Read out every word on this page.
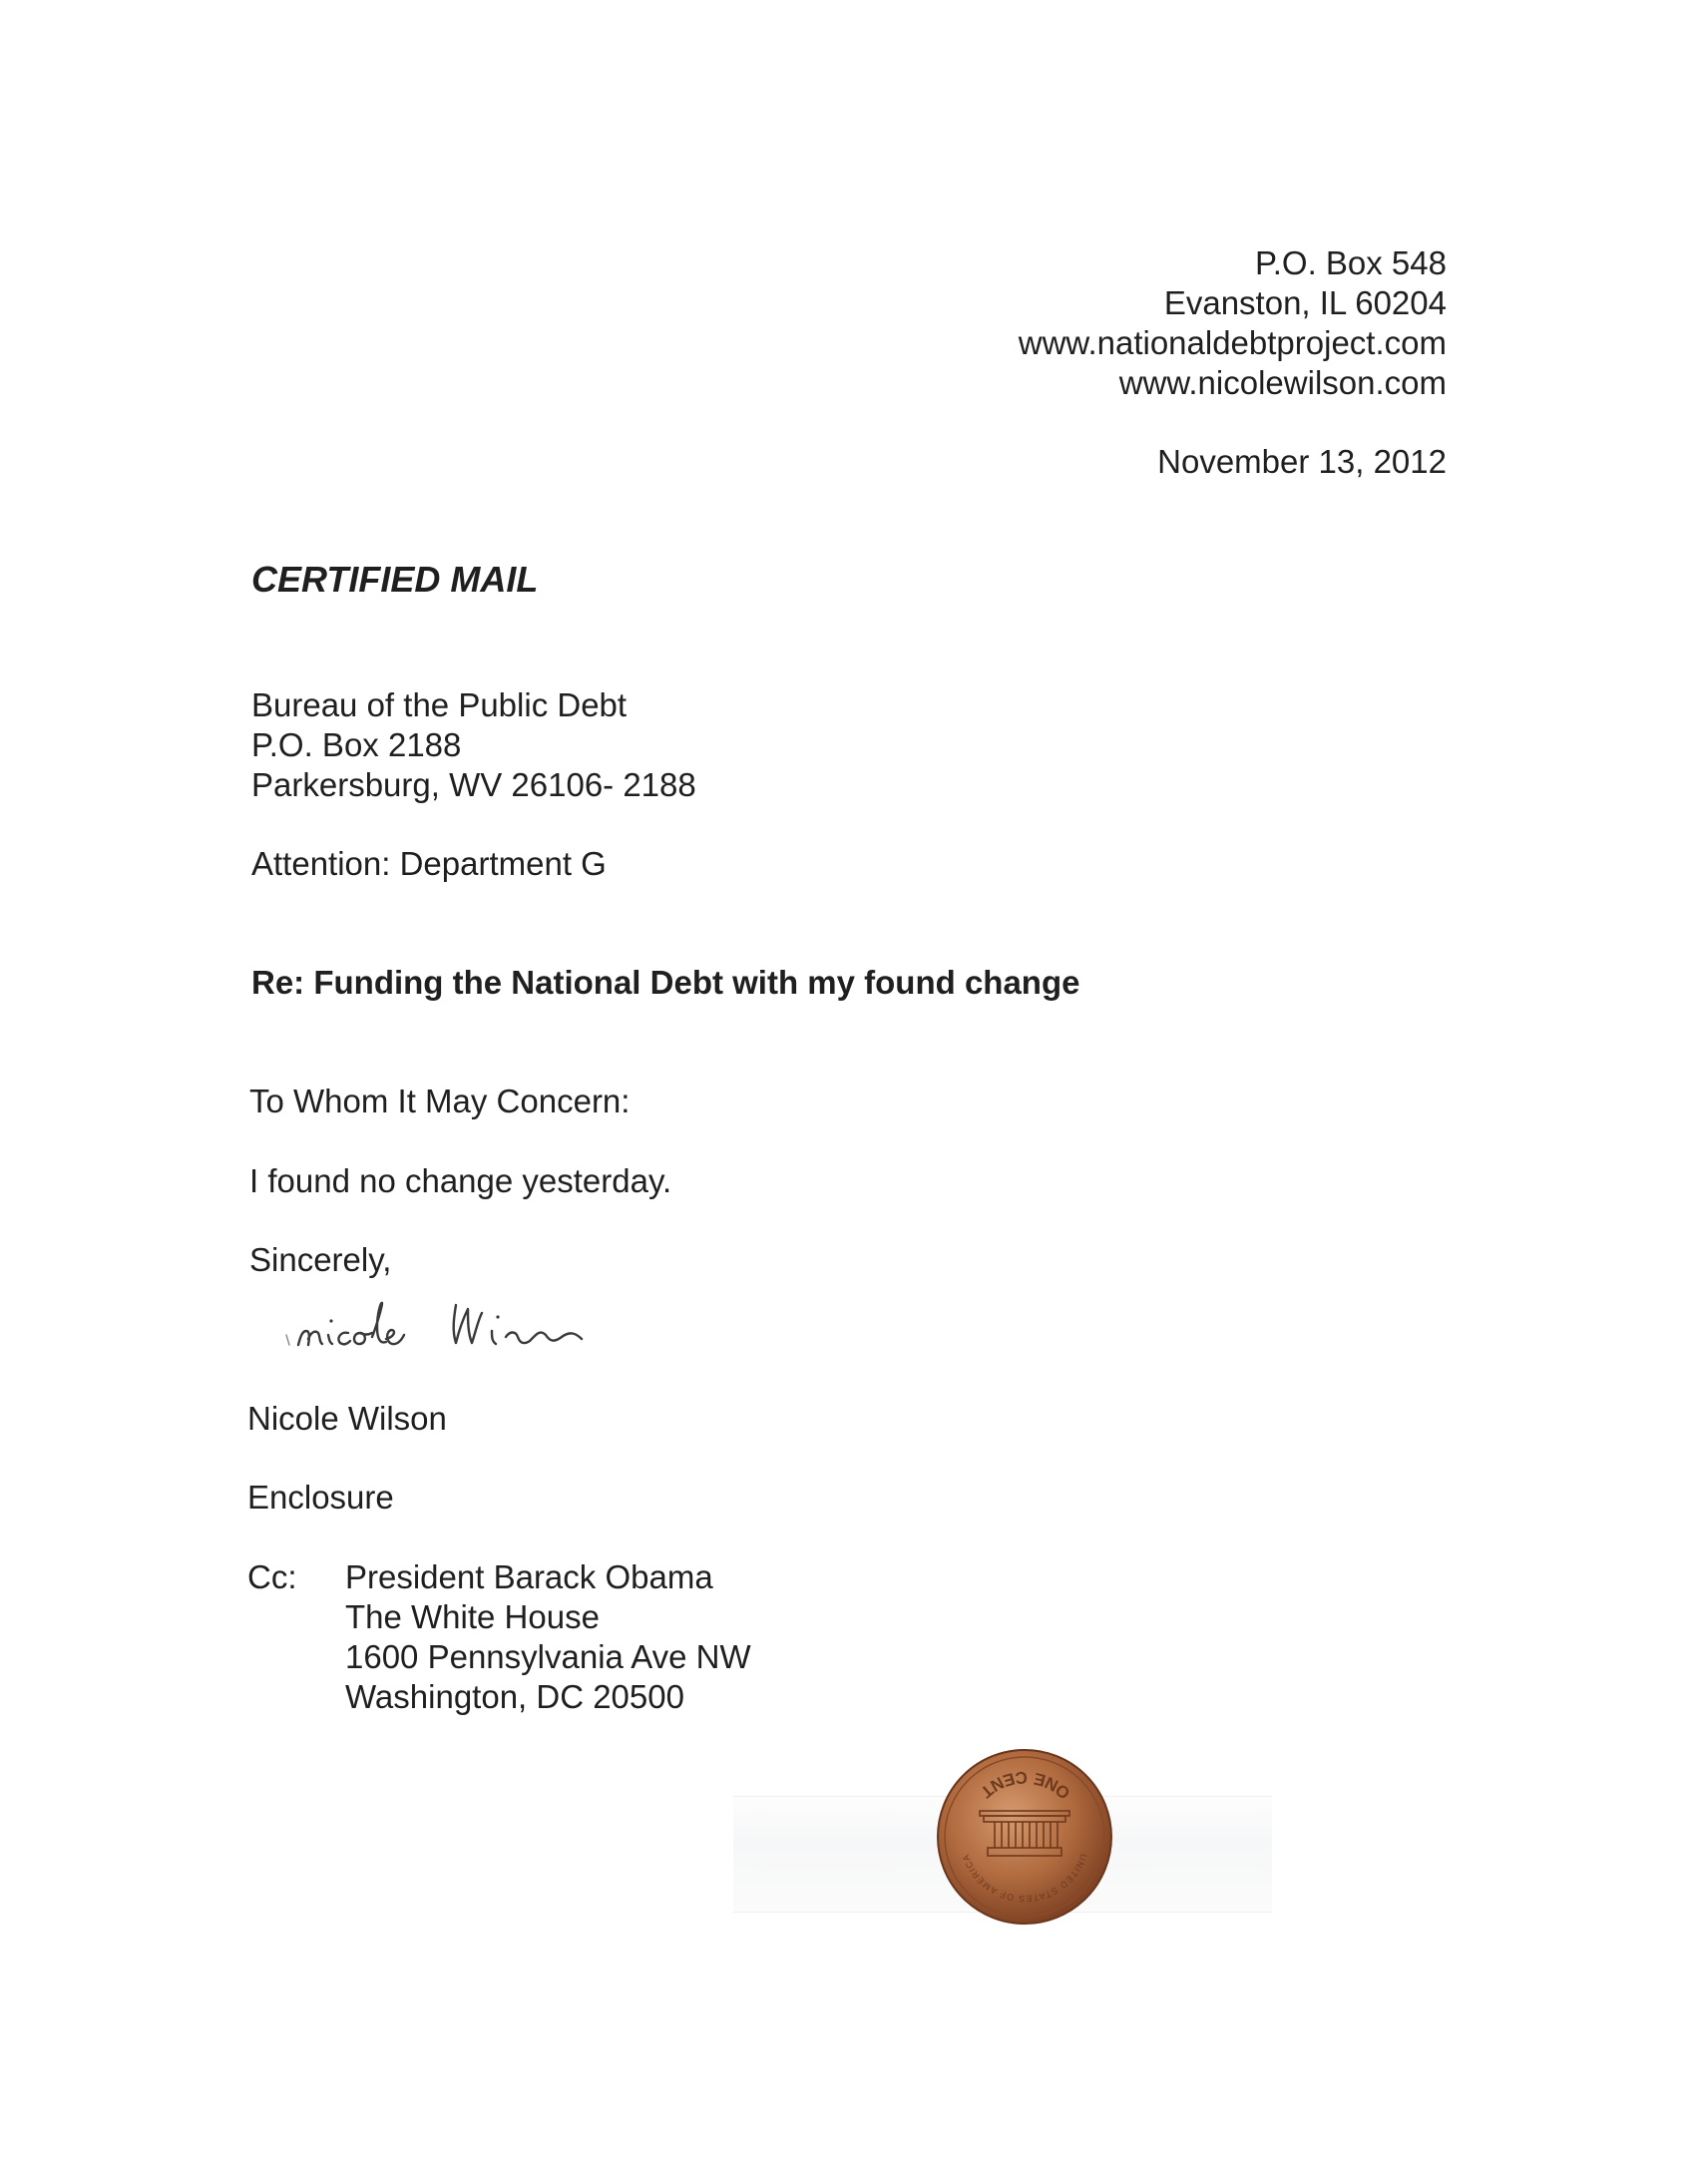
P.O. Box 548
Evanston, IL 60204
www.nationaldebtproject.com
www.nicolewilson.com
November 13, 2012
CERTIFIED MAIL
Bureau of the Public Debt
P.O. Box 2188
Parkersburg, WV 26106- 2188
Attention: Department G
Re: Funding the National Debt with my found change
To Whom It May Concern:
I found no change yesterday.
Sincerely,
Nicole Wilson
Enclosure
Cc: President Barack Obama
The White House
1600 Pennsylvania Ave NW
Washington, DC 20500
ONE CENT
UNITED STATES OF AMERICA
